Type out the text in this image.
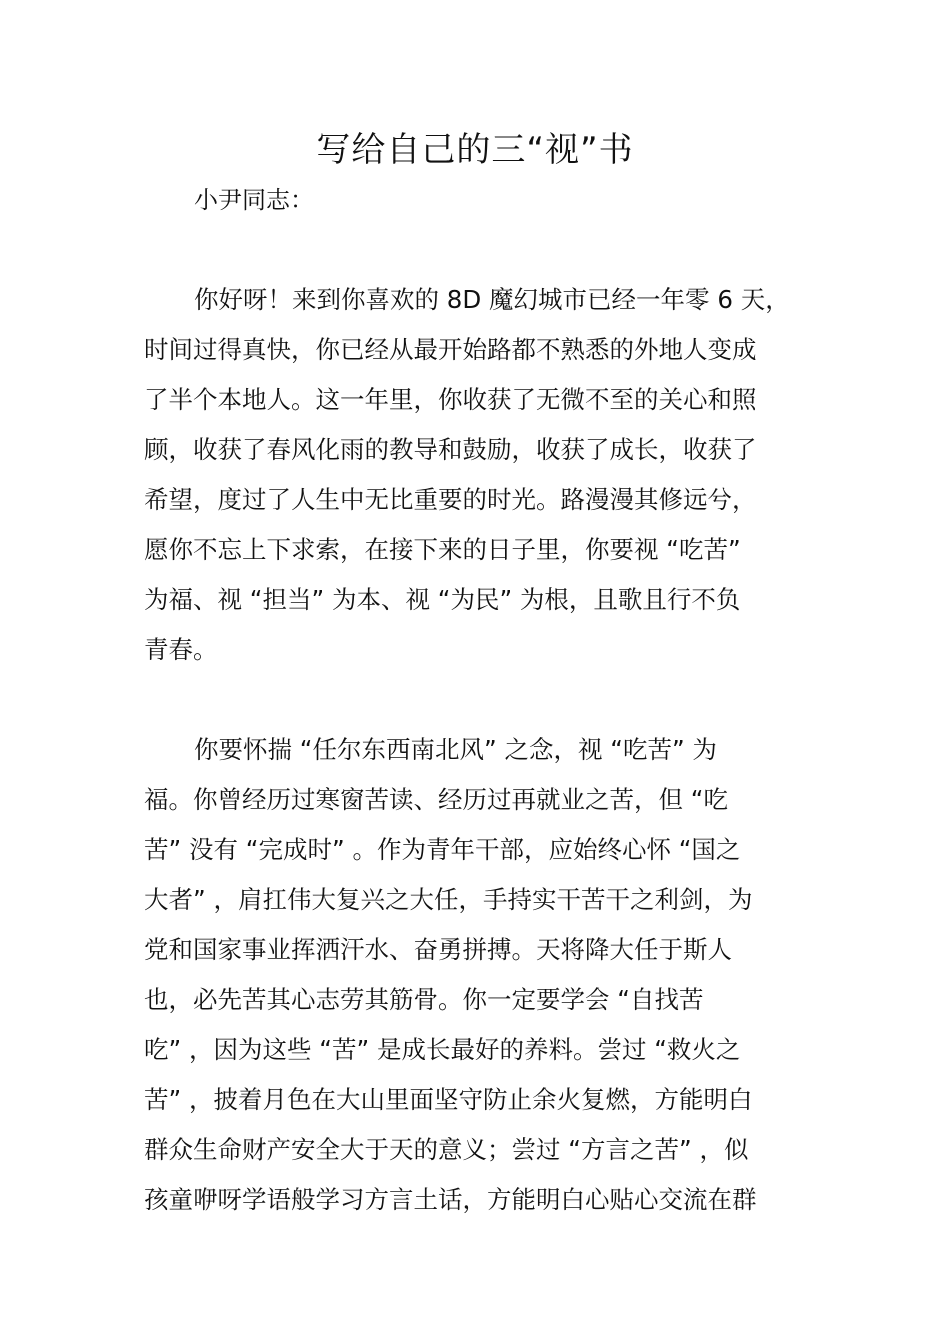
写给自己的三“视”书
小尹同志：
你好呀！来到你喜欢的 8D 魔幻城市已经一年零 6 天，
时间过得真快，你已经从最开始路都不熟悉的外地人变成
了半个本地人。这一年里，你收获了无微不至的关心和照
顾，收获了春风化雨的教导和鼓励，收获了成长，收获了
希望，度过了人生中无比重要的时光。路漫漫其修远兮，
愿你不忘上下求索，在接下来的日子里，你要视 “吃苦”
为福、视 “担当” 为本、视 “为民” 为根，且歌且行不负
青春。
你要怀揣 “任尔东西南北风” 之念，视 “吃苦” 为
福。你曾经历过寒窗苦读、经历过再就业之苦，但 “吃
苦” 没有 “完成时” 。作为青年干部，应始终心怀 “国之
大者” ，肩扛伟大复兴之大任，手持实干苦干之利剑，为
党和国家事业挥洒汗水、奋勇拼搏。天将降大任于斯人
也，必先苦其心志劳其筋骨。你一定要学会 “自找苦
吃” ，因为这些 “苦” 是成长最好的养料。尝过 “救火之
苦” ，披着月色在大山里面坚守防止余火复燃，方能明白
群众生命财产安全大于天的意义；尝过 “方言之苦” ，似
孩童咿呀学语般学习方言土话，方能明白心贴心交流在群
